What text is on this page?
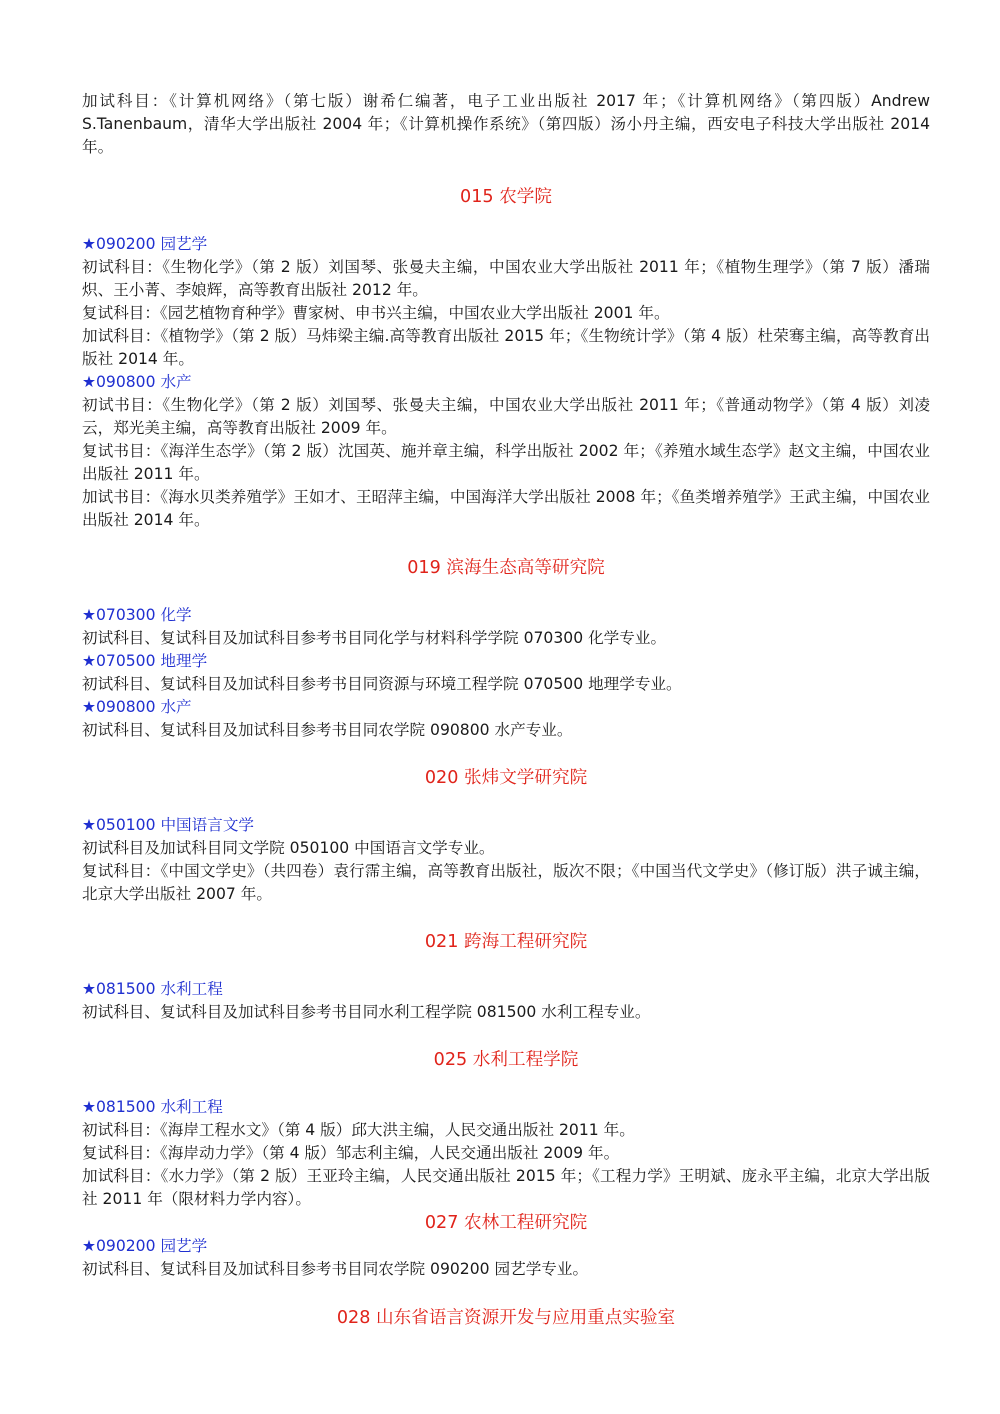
加试科目：《计算机网络》（第七版）谢希仁编著，电子工业出版社 2017 年；《计算机网络》（第四版）Andrew S.Tanenbaum，清华大学出版社 2004 年；《计算机操作系统》（第四版）汤小丹主编，西安电子科技大学出版社 2014 年。

015 农学院
★090200 园艺学

初试科目：《生物化学》（第 2 版）刘国琴、张曼夫主编，中国农业大学出版社 2011 年；《植物生理学》（第 7 版）潘瑞炽、王小菁、李娘辉，高等教育出版社 2012 年。

复试科目：《园艺植物育种学》曹家树、申书兴主编，中国农业大学出版社 2001 年。

加试科目：《植物学》（第 2 版）马炜梁主编.高等教育出版社 2015 年；《生物统计学》（第 4 版）杜荣骞主编，高等教育出版社 2014 年。

★090800 水产

初试书目：《生物化学》（第 2 版）刘国琴、张曼夫主编，中国农业大学出版社 2011 年；《普通动物学》（第 4 版）刘凌云，郑光美主编，高等教育出版社 2009 年。

复试书目：《海洋生态学》（第 2 版）沈国英、施并章主编，科学出版社 2002 年；《养殖水域生态学》赵文主编，中国农业出版社 2011 年。

加试书目：《海水贝类养殖学》王如才、王昭萍主编，中国海洋大学出版社 2008 年；《鱼类增养殖学》王武主编，中国农业出版社 2014 年。

019 滨海生态高等研究院
★070300 化学

初试科目、复试科目及加试科目参考书目同化学与材料科学学院 070300 化学专业。

★070500 地理学

初试科目、复试科目及加试科目参考书目同资源与环境工程学院 070500 地理学专业。

★090800 水产

初试科目、复试科目及加试科目参考书目同农学院 090800 水产专业。

020 张炜文学研究院
★050100 中国语言文学

初试科目及加试科目同文学院 050100 中国语言文学专业。

复试科目：《中国文学史》（共四卷）袁行霈主编，高等教育出版社，版次不限；《中国当代文学史》（修订版）洪子诚主编，北京大学出版社 2007 年。

021 跨海工程研究院
★081500 水利工程

初试科目、复试科目及加试科目参考书目同水利工程学院 081500 水利工程专业。

025 水利工程学院
★081500 水利工程

初试科目：《海岸工程水文》（第 4 版）邱大洪主编，人民交通出版社 2011 年。

复试科目：《海岸动力学》（第 4 版）邹志利主编，人民交通出版社 2009 年。

加试科目：《水力学》（第 2 版）王亚玲主编，人民交通出版社 2015 年；《工程力学》王明斌、庞永平主编，北京大学出版社 2011 年（限材料力学内容）。

027 农林工程研究院
★090200 园艺学

初试科目、复试科目及加试科目参考书目同农学院 090200 园艺学专业。

028 山东省语言资源开发与应用重点实验室
